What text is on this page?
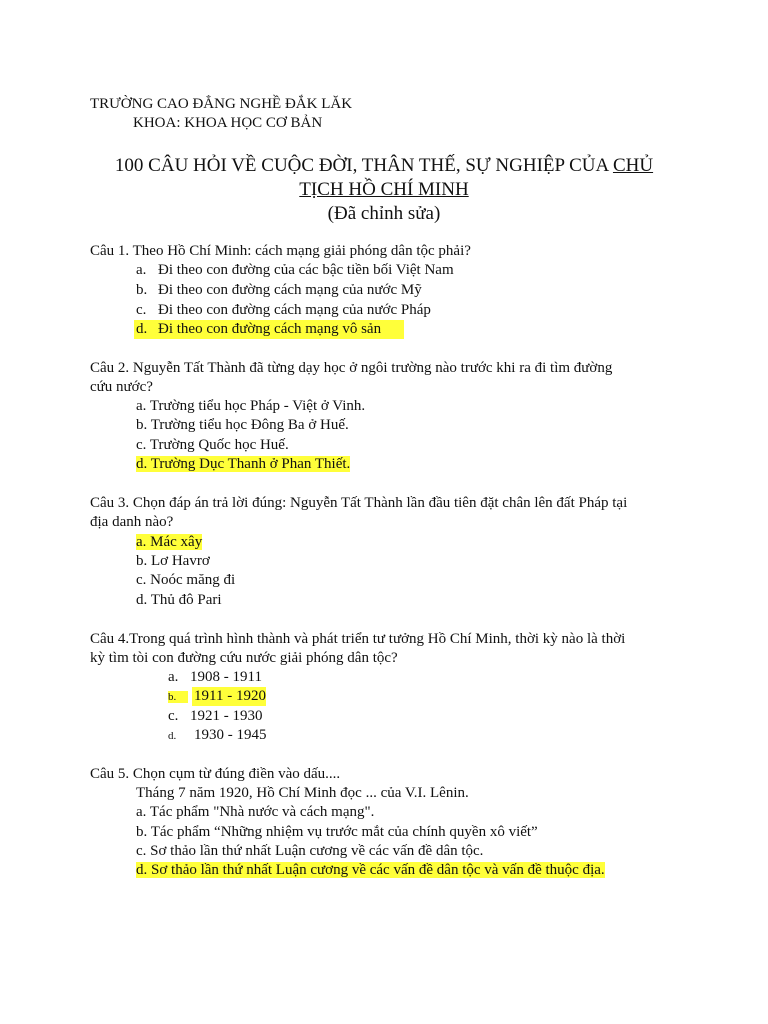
TRƯỜNG CAO ĐẲNG NGHỀ ĐẮK LĂK
KHOA: KHOA HỌC CƠ BẢN
100 CÂU HỎI VỀ CUỘC ĐỜI, THÂN THẾ, SỰ NGHIỆP CỦA CHỦ
TỊCH HỒ CHÍ MINH
(Đã chỉnh sửa)
Câu 1. Theo Hồ Chí Minh: cách mạng giải phóng dân tộc phải?
a. Đi theo con đường của các bậc tiền bối Việt Nam
b. Đi theo con đường cách mạng của nước Mỹ
c. Đi theo con đường cách mạng của nước Pháp
d. Đi theo con đường cách mạng vô sản
Câu 2. Nguyễn Tất Thành đã từng dạy học ở ngôi trường nào trước khi ra đi tìm đường
cứu nước?
a. Trường tiểu học Pháp - Việt ở Vinh.
b. Trường tiểu học Đông Ba ở Huế.
c. Trường Quốc học Huế.
d. Trường Dục Thanh ở Phan Thiết.
Câu 3. Chọn đáp án trả lời đúng: Nguyễn Tất Thành lần đầu tiên đặt chân lên đất Pháp tại
địa danh nào?
a. Mác xây
b. Lơ Havrơ
c. Noóc măng đi
d. Thủ đô Pari
Câu 4.Trong quá trình hình thành và phát triển tư tưởng Hồ Chí Minh, thời kỳ nào là thời
kỳ tìm tòi con đường cứu nước giải phóng dân tộc?
a. 1908 - 1911
b. 1911 - 1920
c. 1921 - 1930
d. 1930 - 1945
Câu 5. Chọn cụm từ đúng điền vào dấu....
Tháng 7 năm 1920, Hồ Chí Minh đọc ... của V.I. Lênin.
a. Tác phẩm "Nhà nước và cách mạng".
b. Tác phẩm “Những nhiệm vụ trước mắt của chính quyền xô viết”
c. Sơ thảo lần thứ nhất Luận cương về các vấn đề dân tộc.
d. Sơ thảo lần thứ nhất Luận cương về các vấn đề dân tộc và vấn đề thuộc địa.
